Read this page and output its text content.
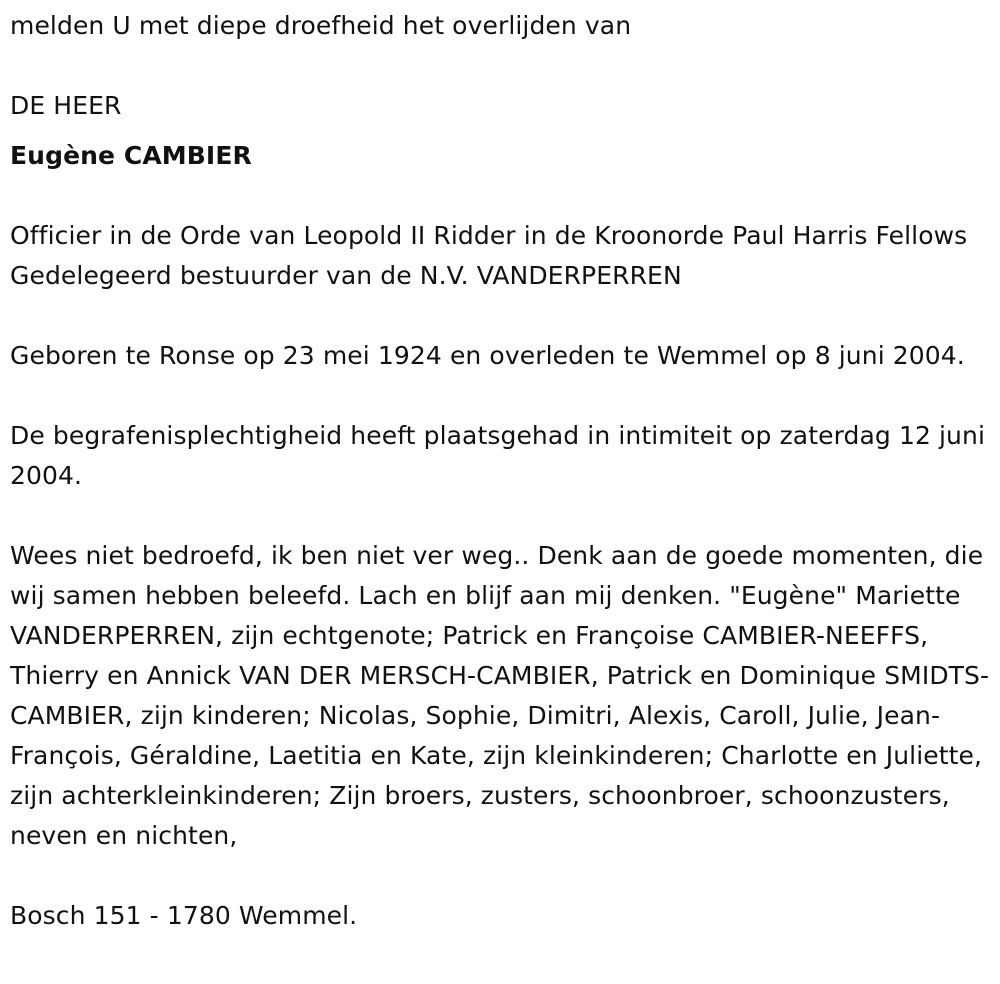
melden U met diepe droefheid het overlijden van

DE HEER

Eugène CAMBIER

Officier in de Orde van Leopold II Ridder in de Kroonorde Paul Harris Fellows Gedelegeerd bestuurder van de N.V. VANDERPERREN

Geboren te Ronse op 23 mei 1924 en overleden te Wemmel op 8 juni 2004.

De begrafenisplechtigheid heeft plaatsgehad in intimiteit op zaterdag 12 juni 2004.

Wees niet bedroefd, ik ben niet ver weg.. Denk aan de goede momenten, die wij samen hebben beleefd. Lach en blijf aan mij denken. "Eugène" Mariette VANDERPERREN, zijn echtgenote; Patrick en Françoise CAMBIER-NEEFFS, Thierry en Annick VAN DER MERSCH-CAMBIER, Patrick en Dominique SMIDTS-CAMBIER, zijn kinderen; Nicolas, Sophie, Dimitri, Alexis, Caroll, Julie, Jean-François, Géraldine, Laetitia en Kate, zijn kleinkinderen; Charlotte en Juliette, zijn achterkleinkinderen; Zijn broers, zusters, schoonbroer, schoonzusters, neven en nichten,

Bosch 151 - 1780 Wemmel.
